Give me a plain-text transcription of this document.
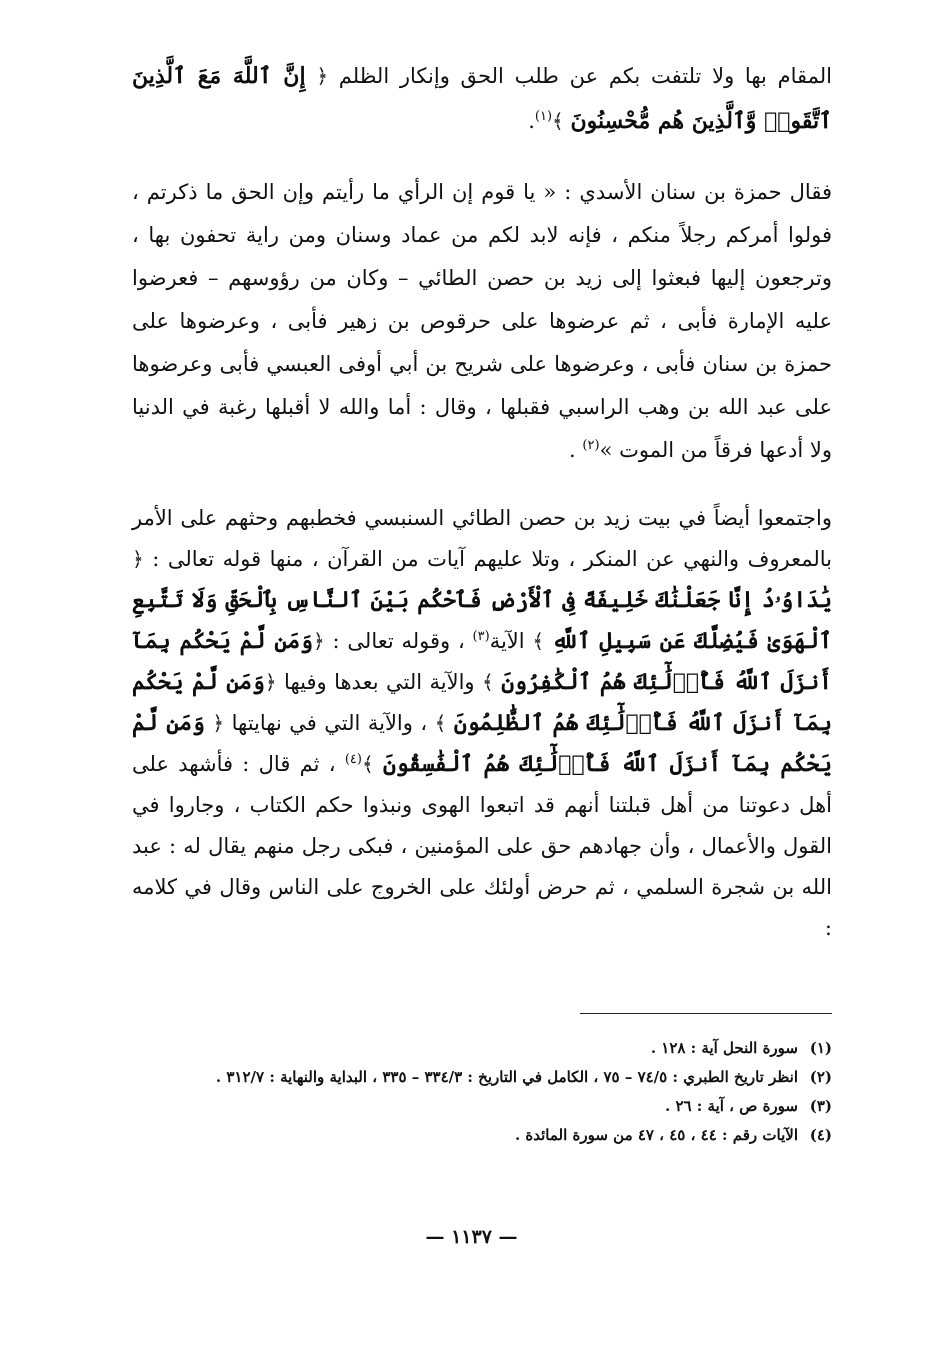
المقام بها ولا تلتفت بكم عن طلب الحق وإنكار الظلم ﴿ إِنَّ ٱللَّهَ مَعَ ٱلَّذِينَ ٱتَّقَوا۟ وَّٱلَّذِينَ هُم مُّحْسِنُونَ ﴾$^{(١)}$.

فقال حمزة بن سنان الأسدي : « يا قوم إن الرأي ما رأيتم وإن الحق ما ذكرتم ، فولوا أمركم رجلاً منكم ، فإنه لابد لكم من عماد وسنان ومن راية تحفون بها ، وترجعون إليها فبعثوا إلى زيد بن حصن الطائي – وكان من رؤوسهم – فعرضوا عليه الإمارة فأبى ، ثم عرضوها على حرقوص بن زهير فأبى ، وعرضوها على حمزة بن سنان فأبى ، وعرضوها على شريح بن أبي أوفى العبسي فأبى وعرضوها على عبد الله بن وهب الراسبي فقبلها ، وقال : أما والله لا أقبلها رغبة في الدنيا ولا أدعها فرقاً من الموت »$^{(٢)}$ .

واجتمعوا أيضاً في بيت زيد بن حصن الطائي السنبسي فخطبهم وحثهم على الأمر بالمعروف والنهي عن المنكر ، وتلا عليهم آيات من القرآن ، منها قوله تعالى : ﴿ يَٰدَاوُۥدُ إِنَّا جَعَلْنَٰكَ خَلِيفَةً فِى ٱلْأَرْضِ فَٱحْكُم بَيْنَ ٱلنَّاسِ بِٱلْحَقِّ وَلَا تَتَّبِعِ ٱلْهَوَىٰ فَيُضِلَّكَ عَن سَبِيلِ ٱللَّهِ ﴾ الآية$^{(٣)}$ ، وقوله تعالى : ﴿وَمَن لَّمْ يَحْكُم بِمَآ أَنزَلَ ٱللَّهُ فَأُو۟لَٰٓئِكَ هُمُ ٱلْكَٰفِرُونَ ﴾ والآية التي بعدها وفيها ﴿وَمَن لَّمْ يَحْكُم بِمَآ أَنزَلَ ٱللَّهُ فَأُو۟لَٰٓئِكَ هُمُ ٱلظَّٰلِمُونَ ﴾ ، والآية التي في نهايتها ﴿ وَمَن لَّمْ يَحْكُم بِمَآ أَنزَلَ ٱللَّهُ فَأُو۟لَٰٓئِكَ هُمُ ٱلْفَٰسِقُونَ ﴾$^{(٤)}$ ، ثم قال : فأشهد على أهل دعوتنا من أهل قبلتنا أنهم قد اتبعوا الهوى ونبذوا حكم الكتاب ، وجاروا في القول والأعمال ، وأن جهادهم حق على المؤمنين ، فبكى رجل منهم يقال له : عبد الله بن شجرة السلمي ، ثم حرض أولئك على الخروج على الناس وقال في كلامه :

(١)
سورة النحل آية : ١٢٨ .
(٢)
انظر تاريخ الطبري : ٧٤/٥ – ٧٥ ، الكامل في التاريخ : ٣٣٤/٣ – ٣٣٥ ، البداية والنهاية : ٣١٢/٧ .
(٣)
سورة ص ، آية : ٢٦ .
(٤)
الآيات رقم : ٤٤ ، ٤٥ ، ٤٧ من سورة المائدة .
— ١١٣٧ —
